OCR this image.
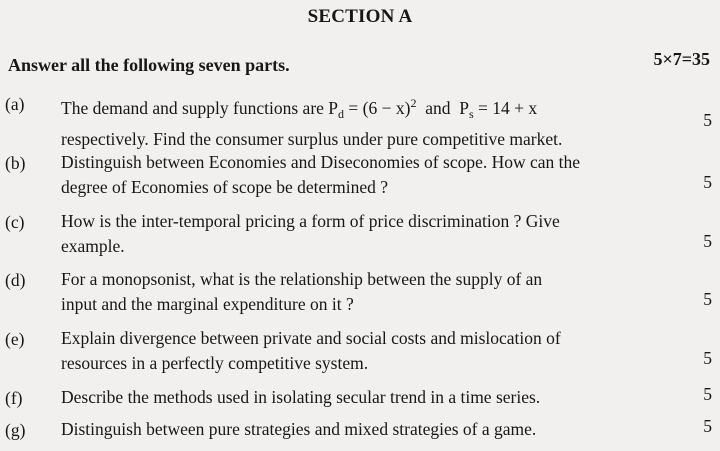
SECTION A
Answer all the following seven parts.	5×7=35
(a) The demand and supply functions are $P_d = (6 - x)^2$  and  $P_s = 14 + x$
respectively. Find the consumer surplus under pure competitive market.
5
(b) Distinguish between Economies and Diseconomies of scope. How can the
degree of Economies of scope be determined ?	5
(c) How is the inter-temporal pricing a form of price discrimination ? Give
example.	5
(d) For a monopsonist, what is the relationship between the supply of an
input and the marginal expenditure on it ?	5
(e) Explain divergence between private and social costs and mislocation of
resources in a perfectly competitive system.	5
(f) Describe the methods used in isolating secular trend in a time series.	5
(g) Distinguish between pure strategies and mixed strategies of a game.	5
